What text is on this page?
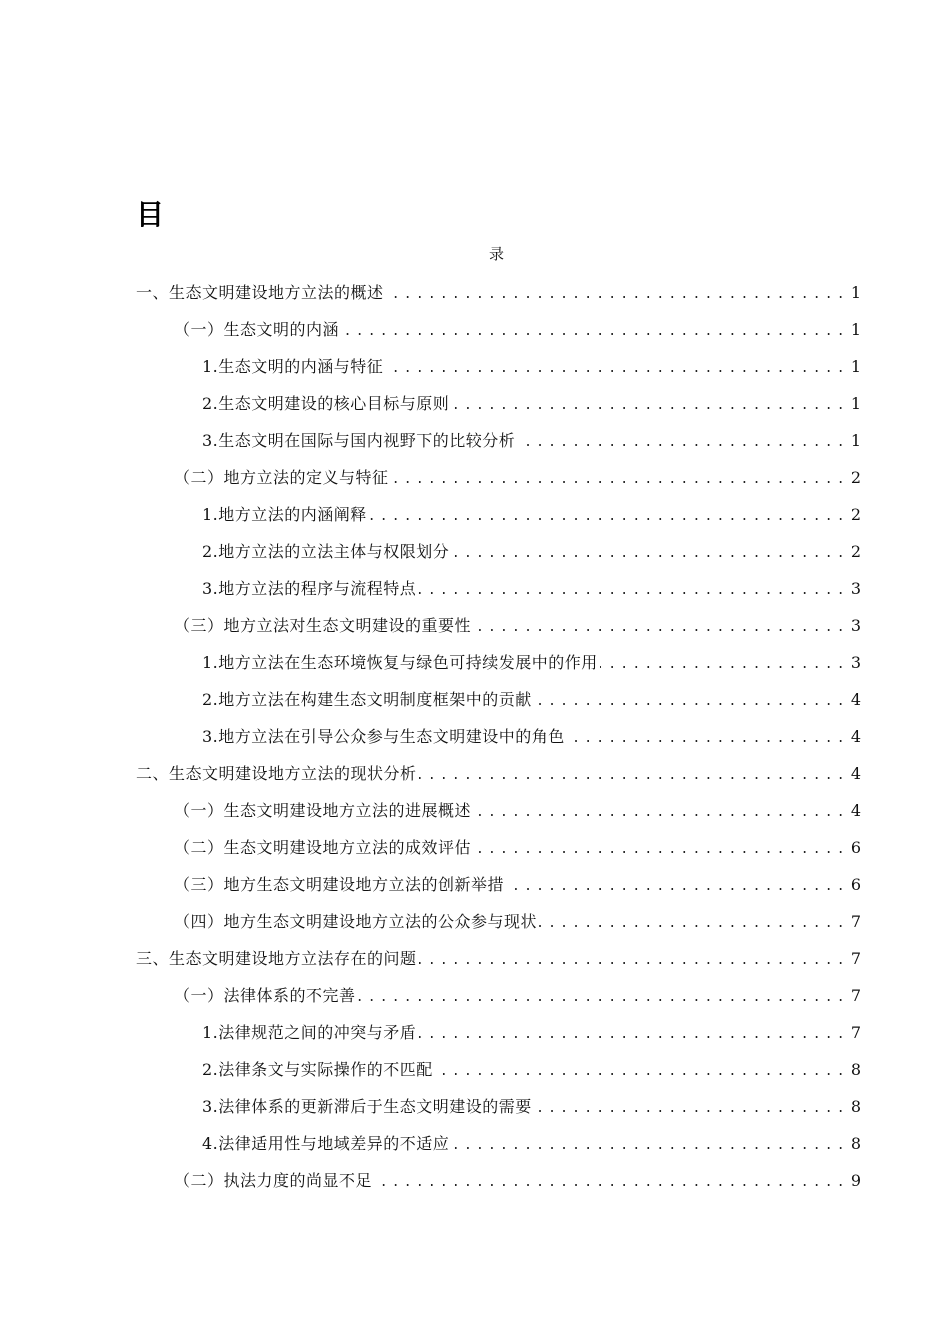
目
录
一、生态文明建设地方立法的概述 .....	1
（一）生态文明的内涵 .....	1
1.生态文明的内涵与特征 .....	1
2.生态文明建设的核心目标与原则 .....	1
3.生态文明在国际与国内视野下的比较分析 .....	1
（二）地方立法的定义与特征 .....	2
1.地方立法的内涵阐释 .....	2
2.地方立法的立法主体与权限划分 .....	2
3.地方立法的程序与流程特点 .....	3
（三）地方立法对生态文明建设的重要性 .....	3
1.地方立法在生态环境恢复与绿色可持续发展中的作用 .....	3
2.地方立法在构建生态文明制度框架中的贡献 .....	4
3.地方立法在引导公众参与生态文明建设中的角色 .....	4
二、生态文明建设地方立法的现状分析 .....	4
（一）生态文明建设地方立法的进展概述 .....	4
（二）生态文明建设地方立法的成效评估 .....	6
（三）地方生态文明建设地方立法的创新举措 .....	6
（四）地方生态文明建设地方立法的公众参与现状 .....	7
三、生态文明建设地方立法存在的问题 .....	7
（一）法律体系的不完善 .....	7
1.法律规范之间的冲突与矛盾 .....	7
2.法律条文与实际操作的不匹配 .....	8
3.法律体系的更新滞后于生态文明建设的需要 .....	8
4.法律适用性与地域差异的不适应 .....	8
（二）执法力度的尚显不足 .....	9
